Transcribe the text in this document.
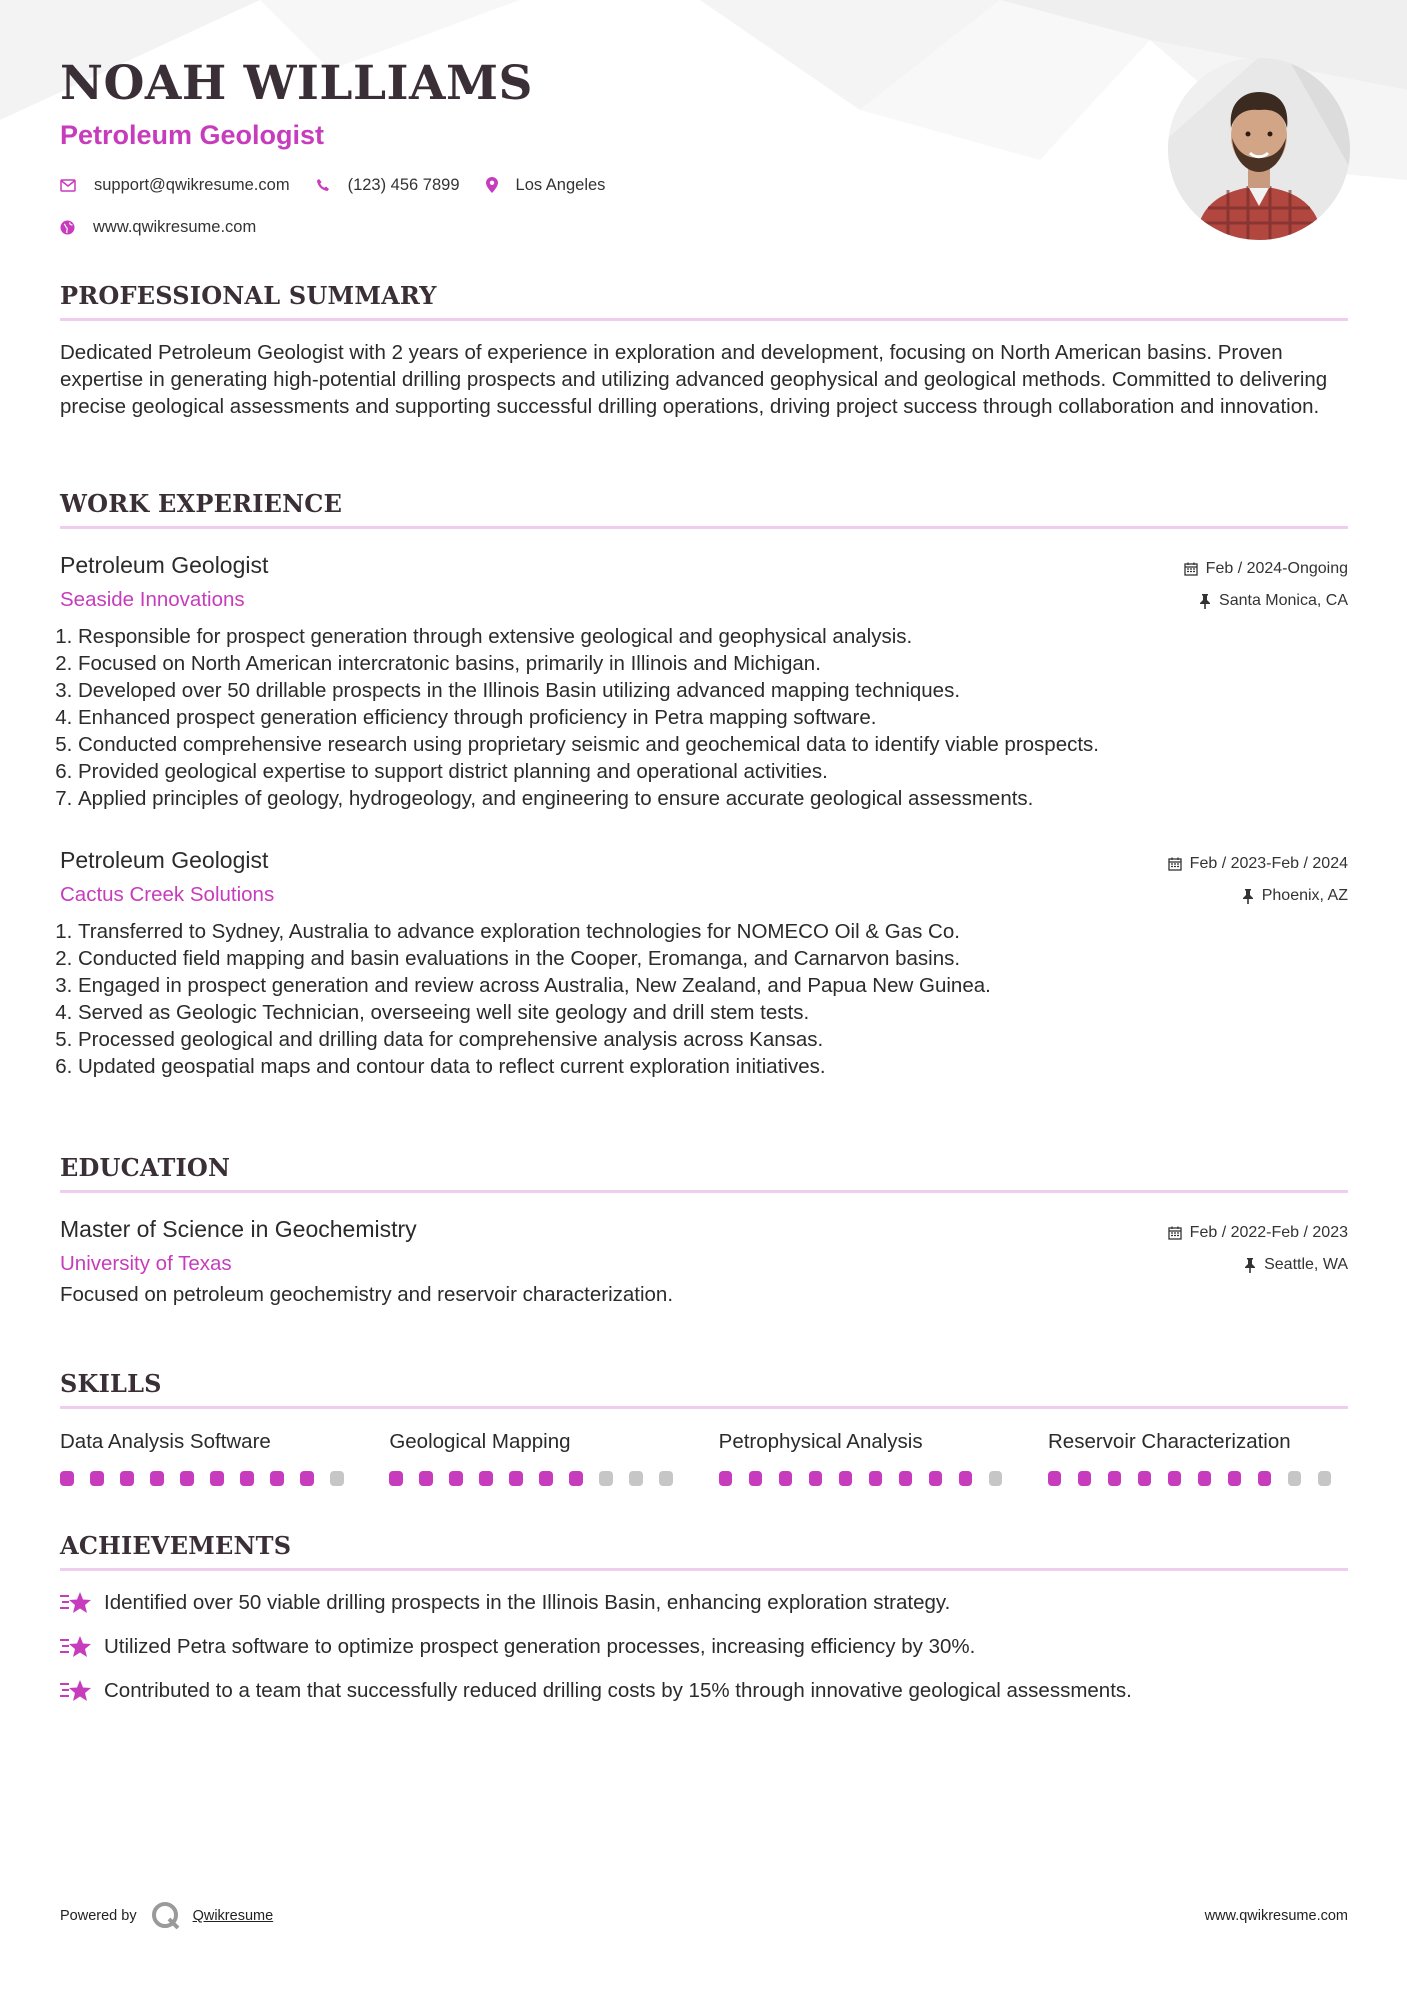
NOAH WILLIAMS
Petroleum Geologist
support@qwikresume.com	(123) 456 7899	Los Angeles
www.qwikresume.com
PROFESSIONAL SUMMARY

Dedicated Petroleum Geologist with 2 years of experience in exploration and development, focusing on North American basins. Proven expertise in generating high-potential drilling prospects and utilizing advanced geophysical and geological methods. Committed to delivering precise geological assessments and supporting successful drilling operations, driving project success through collaboration and innovation.

WORK EXPERIENCE
Petroleum Geologist
Seaside Innovations
Feb / 2024-Ongoing
Santa Monica, CA
1. Responsible for prospect generation through extensive geological and geophysical analysis.
2. Focused on North American intercratonic basins, primarily in Illinois and Michigan.
3. Developed over 50 drillable prospects in the Illinois Basin utilizing advanced mapping techniques.
4. Enhanced prospect generation efficiency through proficiency in Petra mapping software.
5. Conducted comprehensive research using proprietary seismic and geochemical data to identify viable prospects.
6. Provided geological expertise to support district planning and operational activities.
7. Applied principles of geology, hydrogeology, and engineering to ensure accurate geological assessments.
Petroleum Geologist
Cactus Creek Solutions
Feb / 2023-Feb / 2024
Phoenix, AZ
1. Transferred to Sydney, Australia to advance exploration technologies for NOMECO Oil & Gas Co.
2. Conducted field mapping and basin evaluations in the Cooper, Eromanga, and Carnarvon basins.
3. Engaged in prospect generation and review across Australia, New Zealand, and Papua New Guinea.
4. Served as Geologic Technician, overseeing well site geology and drill stem tests.
5. Processed geological and drilling data for comprehensive analysis across Kansas.
6. Updated geospatial maps and contour data to reflect current exploration initiatives.
EDUCATION
Master of Science in Geochemistry
University of Texas
Feb / 2022-Feb / 2023
Seattle, WA

Focused on petroleum geochemistry and reservoir characterization.

SKILLS
Data Analysis Software	Geological Mapping	Petrophysical Analysis	Reservoir Characterization
ACHIEVEMENTS
Identified over 50 viable drilling prospects in the Illinois Basin, enhancing exploration strategy.
Utilized Petra software to optimize prospect generation processes, increasing efficiency by 30%.
Contributed to a team that successfully reduced drilling costs by 15% through innovative geological assessments.
Powered by	Qwikresume	www.qwikresume.com
